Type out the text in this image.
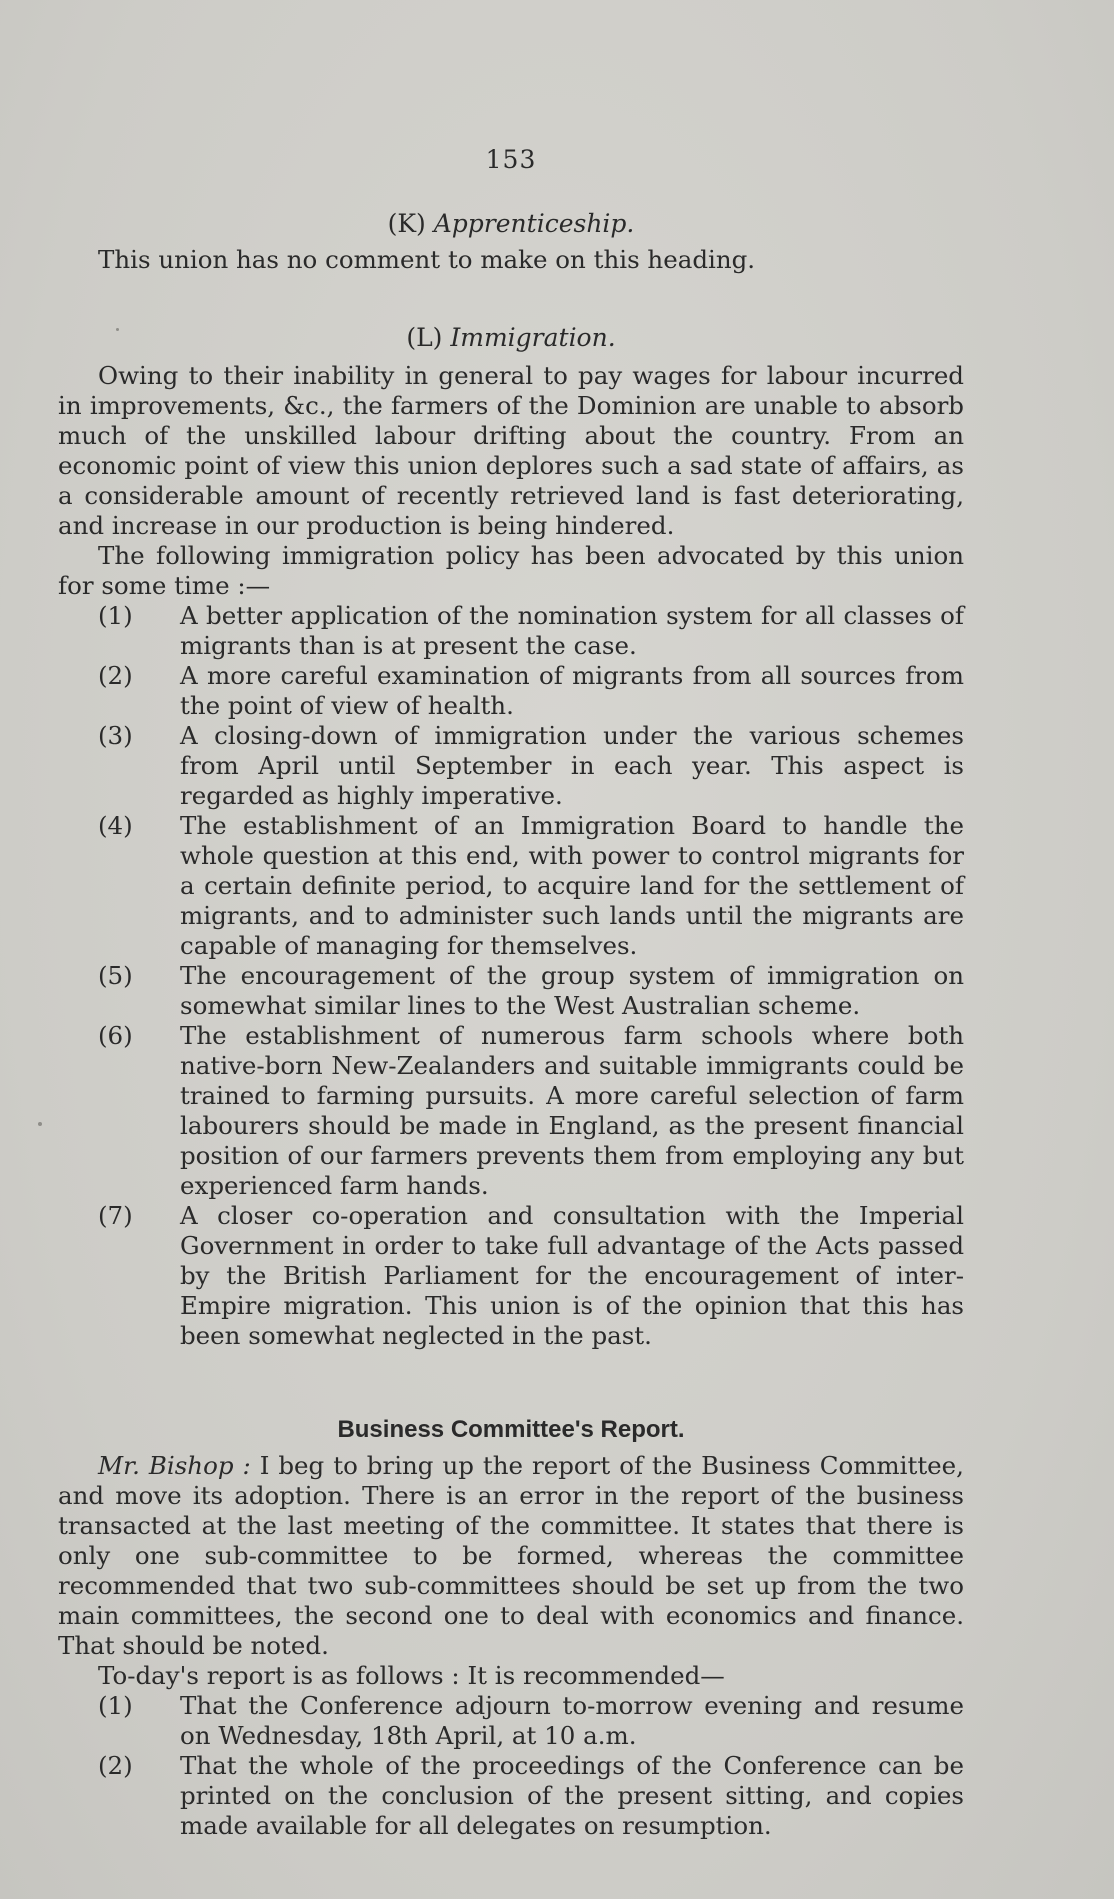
153
(K) Apprenticeship.

This union has no comment to make on this heading.

(L) Immigration.

Owing to their inability in general to pay wages for labour incurred in improvements, &c., the farmers of the Dominion are unable to absorb much of the unskilled labour drifting about the country. From an economic point of view this union deplores such a sad state of affairs, as a considerable amount of recently retrieved land is fast deteriorating, and increase in our production is being hindered.

The following immigration policy has been advocated by this union for some time :—

(1)	A better application of the nomination system for all classes of migrants than is at present the case.
(2)	A more careful examination of migrants from all sources from the point of view of health.
(3)	A closing-down of immigration under the various schemes from April until September in each year. This aspect is regarded as highly imperative.
(4)	The establishment of an Immigration Board to handle the whole question at this end, with power to control migrants for a certain definite period, to acquire land for the settlement of migrants, and to administer such lands until the migrants are capable of managing for themselves.
(5)	The encouragement of the group system of immigration on somewhat similar lines to the West Australian scheme.
(6)	The establishment of numerous farm schools where both native-born New-Zealanders and suitable immigrants could be trained to farming pursuits. A more careful selection of farm labourers should be made in England, as the present financial position of our farmers prevents them from employing any but experienced farm hands.
(7)	A closer co-operation and consultation with the Imperial Government in order to take full advantage of the Acts passed by the British Parliament for the encouragement of inter-Empire migration. This union is of the opinion that this has been somewhat neglected in the past.
Business Committee's Report.

Mr. Bishop : I beg to bring up the report of the Business Committee, and move its adoption. There is an error in the report of the business transacted at the last meeting of the committee. It states that there is only one sub-committee to be formed, whereas the committee recommended that two sub-committees should be set up from the two main committees, the second one to deal with economics and finance. That should be noted.

To-day's report is as follows : It is recommended—

(1)	That the Conference adjourn to-morrow evening and resume on Wednesday, 18th April, at 10 a.m.
(2)	That the whole of the proceedings of the Conference can be printed on the conclusion of the present sitting, and copies made available for all delegates on resumption.
